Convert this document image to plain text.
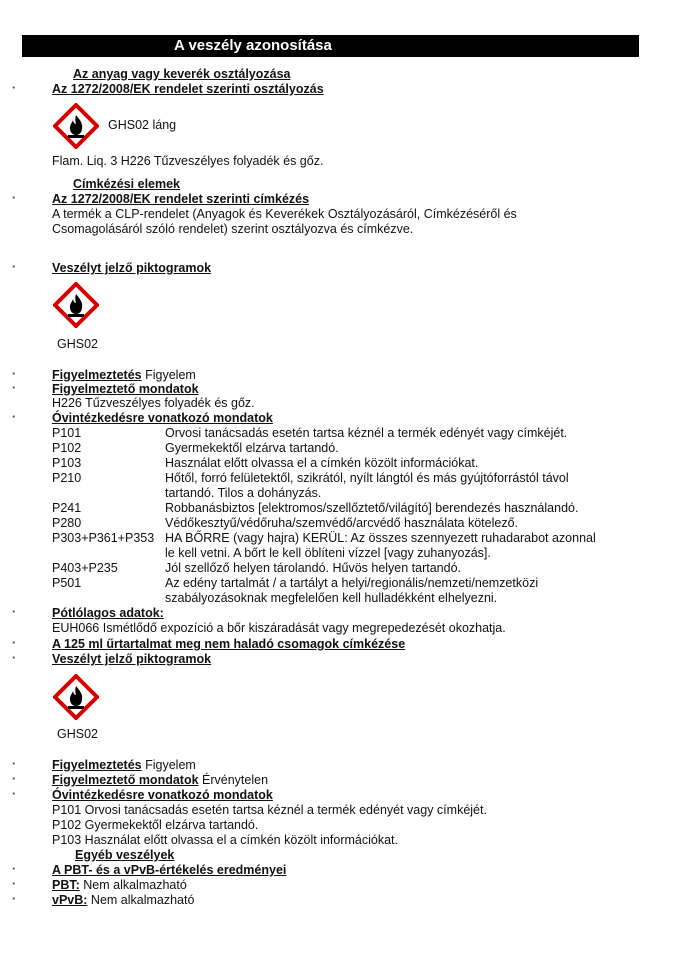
A veszély azonosítása
Az anyag vagy keverék osztályozása
·	Az 1272/2008/EK rendelet szerinti osztályozás
GHS02 láng
Flam. Liq. 3 H226 Tűzveszélyes folyadék és gőz.
Címkézési elemek
·	Az 1272/2008/EK rendelet szerinti címkézés
A termék a CLP-rendelet (Anyagok és Keverékek Osztályozásáról, Címkézéséről és
Csomagolásáról szóló rendelet) szerint osztályozva és címkézve.
·	Veszélyt jelző piktogramok
GHS02
·	Figyelmeztetés Figyelem
·	Figyelmeztető mondatok
H226 Tűzveszélyes folyadék és gőz.
·	Óvintézkedésre vonatkozó mondatok
P101	Orvosi tanácsadás esetén tartsa kéznél a termék edényét vagy címkéjét.
P102	Gyermekektől elzárva tartandó.
P103	Használat előtt olvassa el a címkén közölt információkat.
P210	Hőtől, forró felületektől, szikrától, nyílt lángtól és más gyújtóforrástól távol
tartandó. Tilos a dohányzás.
P241	Robbanásbiztos [elektromos/szellőztető/világító] berendezés használandó.
P280	Védőkesztyű/védőruha/szemvédő/arcvédő használata kötelező.
P303+P361+P353 HA BŐRRE (vagy hajra) KERÜL: Az összes szennyezett ruhadarabot azonnal
le kell vetni. A bőrt le kell öblíteni vízzel [vagy zuhanyozás].
P403+P235	Jól szellőző helyen tárolandó. Hűvös helyen tartandó.
P501	Az edény tartalmát / a tartályt a helyi/regionális/nemzeti/nemzetközi
szabályozásoknak megfelelően kell hulladékként elhelyezni.
·	Pótlólagos adatok:
EUH066 Ismétlődő expozíció a bőr kiszáradását vagy megrepedezését okozhatja.
·	A 125 ml űrtartalmat meg nem haladó csomagok címkézése
·	Veszélyt jelző piktogramok
GHS02
·	Figyelmeztetés Figyelem
·	Figyelmeztető mondatok Érvénytelen
·	Óvintézkedésre vonatkozó mondatok
P101 Orvosi tanácsadás esetén tartsa kéznél a termék edényét vagy címkéjét.
P102 Gyermekektől elzárva tartandó.
P103 Használat előtt olvassa el a címkén közölt információkat.
Egyéb veszélyek
·	A PBT- és a vPvB-értékelés eredményei
·	PBT: Nem alkalmazható
·	vPvB: Nem alkalmazható
